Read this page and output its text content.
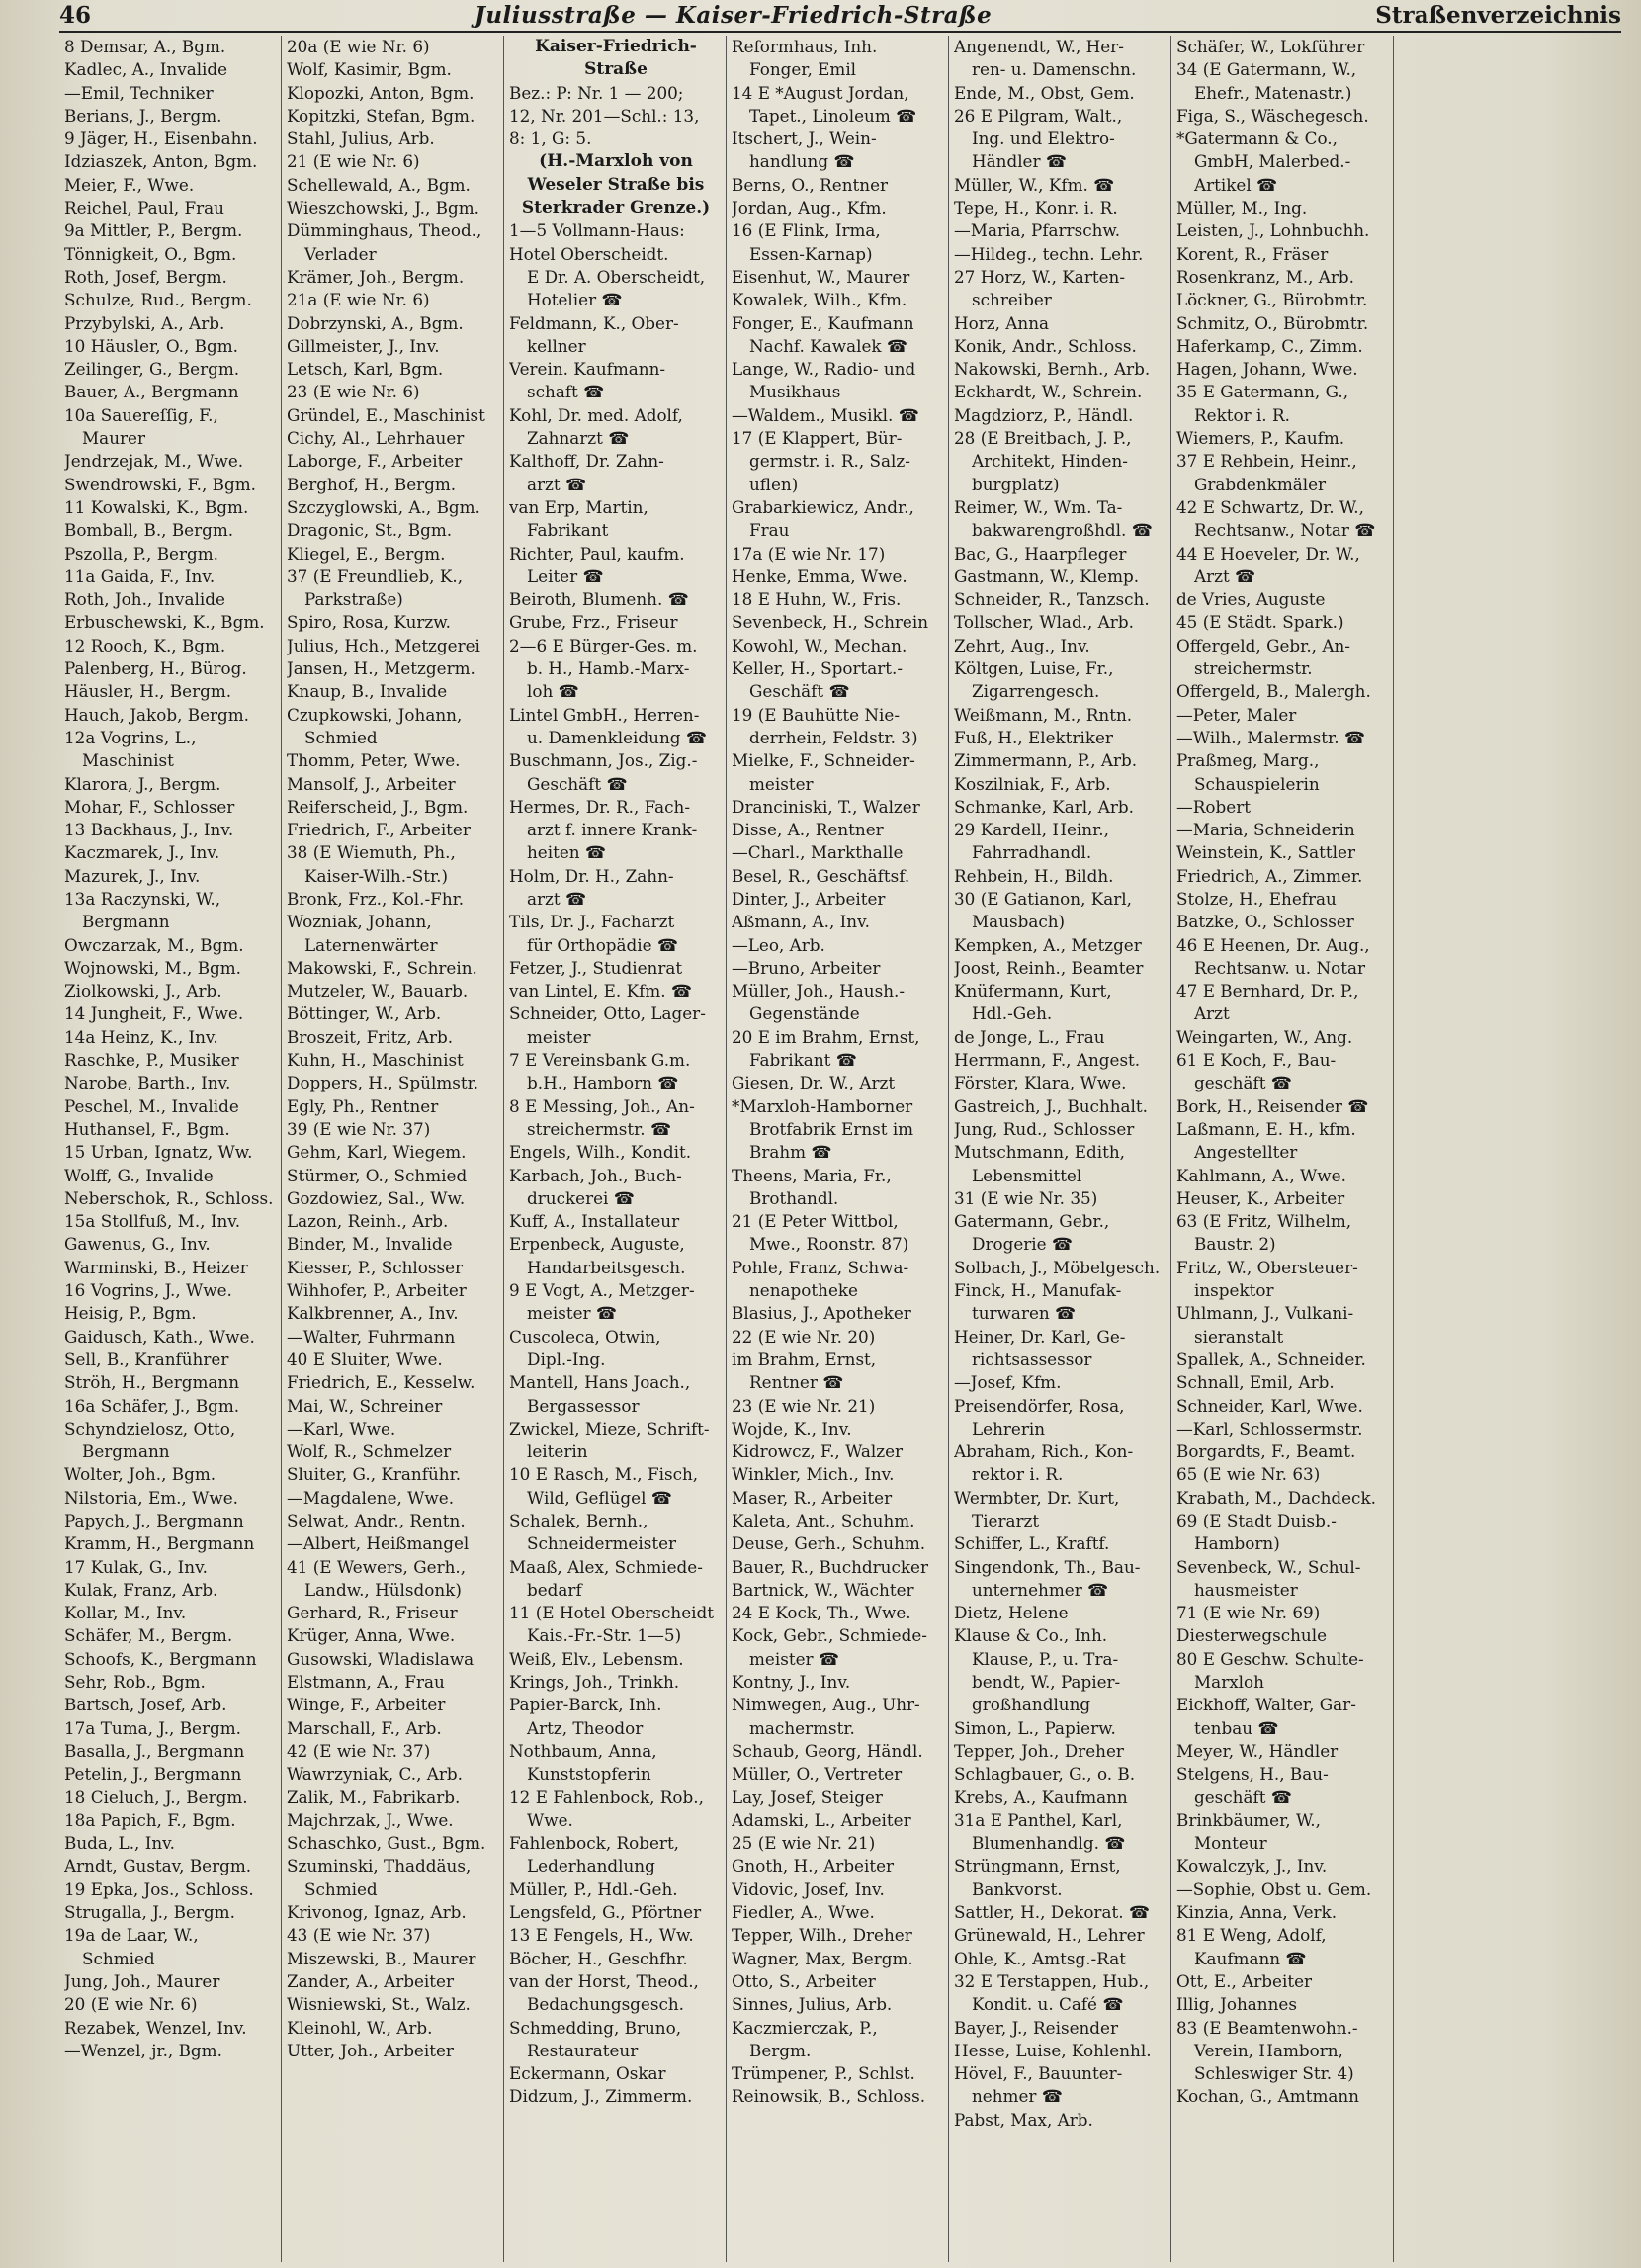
46	Juliusstraße — Kaiser-Friedrich-Straße	Straßenverzeichnis
8 Demsar, A., Bgm.
Kadlec, A., Invalide
—Emil, Techniker
Berians, J., Bergm.
9 Jäger, H., Eisenbahn.
Idziaszek, Anton, Bgm.
Meier, F., Wwe.
Reichel, Paul, Frau
9a Mittler, P., Bergm.
Tönnigkeit, O., Bgm.
Roth, Josef, Bergm.
Schulze, Rud., Bergm.
Przybylski, A., Arb.
10 Häusler, O., Bgm.
Zeilinger, G., Bergm.
Bauer, A., Bergmann
10a Sauereſſig, F.,
Maurer
Jendrzejak, M., Wwe.
Swendrowski, F., Bgm.
11 Kowalski, K., Bgm.
Bomball, B., Bergm.
Pszolla, P., Bergm.
11a Gaida, F., Inv.
Roth, Joh., Invalide
Erbuschewski, K., Bgm.
12 Rooch, K., Bgm.
Palenberg, H., Bürog.
Häusler, H., Bergm.
Hauch, Jakob, Bergm.
12a Vogrins, L.,
Maschinist
Klarora, J., Bergm.
Mohar, F., Schlosser
13 Backhaus, J., Inv.
Kaczmarek, J., Inv.
Mazurek, J., Inv.
13a Raczynski, W.,
Bergmann
Owczarzak, M., Bgm.
Wojnowski, M., Bgm.
Ziolkowski, J., Arb.
14 Jungheit, F., Wwe.
14a Heinz, K., Inv.
Raschke, P., Musiker
Narobe, Barth., Inv.
Peschel, M., Invalide
Huthansel, F., Bgm.
15 Urban, Ignatz, Ww.
Wolff, G., Invalide
Neberschok, R., Schloss.
15a Stollfuß, M., Inv.
Gawenus, G., Inv.
Warminski, B., Heizer
16 Vogrins, J., Wwe.
Heisig, P., Bgm.
Gaidusch, Kath., Wwe.
Sell, B., Kranführer
Ströh, H., Bergmann
16a Schäfer, J., Bgm.
Schyndzielosz, Otto,
Bergmann
Wolter, Joh., Bgm.
Nilstoria, Em., Wwe.
Papych, J., Bergmann
Kramm, H., Bergmann
17 Kulak, G., Inv.
Kulak, Franz, Arb.
Kollar, M., Inv.
Schäfer, M., Bergm.
Schoofs, K., Bergmann
Sehr, Rob., Bgm.
Bartsch, Josef, Arb.
17a Tuma, J., Bergm.
Basalla, J., Bergmann
Petelin, J., Bergmann
18 Cieluch, J., Bergm.
18a Papich, F., Bgm.
Buda, L., Inv.
Arndt, Gustav, Bergm.
19 Epka, Jos., Schloss.
Strugalla, J., Bergm.
19a de Laar, W.,
Schmied
Jung, Joh., Maurer
20 (E wie Nr. 6)
Rezabek, Wenzel, Inv.
—Wenzel, jr., Bgm.
20a (E wie Nr. 6)
Wolf, Kasimir, Bgm.
Klopozki, Anton, Bgm.
Kopitzki, Stefan, Bgm.
Stahl, Julius, Arb.
21 (E wie Nr. 6)
Schellewald, A., Bgm.
Wieszchowski, J., Bgm.
Dümminghaus, Theod.,
Verlader
Krämer, Joh., Bergm.
21a (E wie Nr. 6)
Dobrzynski, A., Bgm.
Gillmeister, J., Inv.
Letsch, Karl, Bgm.
23 (E wie Nr. 6)
Gründel, E., Maschinist
Cichy, Al., Lehrhauer
Laborge, F., Arbeiter
Berghof, H., Bergm.
Szczyglowski, A., Bgm.
Dragonic, St., Bgm.
Kliegel, E., Bergm.
37 (E Freundlieb, K.,
Parkstraße)
Spiro, Rosa, Kurzw.
Julius, Hch., Metzgerei
Jansen, H., Metzgerm.
Knaup, B., Invalide
Czupkowski, Johann,
Schmied
Thomm, Peter, Wwe.
Mansolf, J., Arbeiter
Reiferscheid, J., Bgm.
Friedrich, F., Arbeiter
38 (E Wiemuth, Ph.,
Kaiser-Wilh.-Str.)
Bronk, Frz., Kol.-Fhr.
Wozniak, Johann,
Laternenwärter
Makowski, F., Schrein.
Mutzeler, W., Bauarb.
Böttinger, W., Arb.
Broszeit, Fritz, Arb.
Kuhn, H., Maschinist
Doppers, H., Spülmstr.
Egly, Ph., Rentner
39 (E wie Nr. 37)
Gehm, Karl, Wiegem.
Stürmer, O., Schmied
Gozdowiez, Sal., Ww.
Lazon, Reinh., Arb.
Binder, M., Invalide
Kiesser, P., Schlosser
Wihhofer, P., Arbeiter
Kalkbrenner, A., Inv.
—Walter, Fuhrmann
40 E Sluiter, Wwe.
Friedrich, E., Kesselw.
Mai, W., Schreiner
—Karl, Wwe.
Wolf, R., Schmelzer
Sluiter, G., Kranführ.
—Magdalene, Wwe.
Selwat, Andr., Rentn.
—Albert, Heißmangel
41 (E Wewers, Gerh.,
Landw., Hülsdonk)
Gerhard, R., Friseur
Krüger, Anna, Wwe.
Gusowski, Wladislawa
Elstmann, A., Frau
Winge, F., Arbeiter
Marschall, F., Arb.
42 (E wie Nr. 37)
Wawrzyniak, C., Arb.
Zalik, M., Fabrikarb.
Majchrzak, J., Wwe.
Schaschko, Gust., Bgm.
Szuminski, Thaddäus,
Schmied
Krivonog, Ignaz, Arb.
43 (E wie Nr. 37)
Miszewski, B., Maurer
Zander, A., Arbeiter
Wisniewski, St., Walz.
Kleinohl, W., Arb.
Utter, Joh., Arbeiter
Kaiser-Friedrich-
Straße
Bez.: P: Nr. 1 — 200;
12, Nr. 201—Schl.: 13,
8: 1, G: 5.
(H.-Marxloh von
Weseler Straße bis
Sterkrader Grenze.)
1—5 Vollmann-Haus:
Hotel Oberscheidt.
E Dr. A. Oberscheidt,
Hotelier ☎
Feldmann, K., Ober-
kellner
Verein. Kaufmann-
schaft ☎
Kohl, Dr. med. Adolf,
Zahnarzt ☎
Kalthoff, Dr. Zahn-
arzt ☎
van Erp, Martin,
Fabrikant
Richter, Paul, kaufm.
Leiter ☎
Beiroth, Blumenh. ☎
Grube, Frz., Friseur
2—6 E Bürger-Ges. m.
b. H., Hamb.-Marx-
loh ☎
Lintel GmbH., Herren-
u. Damenkleidung ☎
Buschmann, Jos., Zig.-
Geschäft ☎
Hermes, Dr. R., Fach-
arzt f. innere Krank-
heiten ☎
Holm, Dr. H., Zahn-
arzt ☎
Tils, Dr. J., Facharzt
für Orthopädie ☎
Fetzer, J., Studienrat
van Lintel, E. Kfm. ☎
Schneider, Otto, Lager-
meister
7 E Vereinsbank G.m.
b.H., Hamborn ☎
8 E Messing, Joh., An-
streichermstr. ☎
Engels, Wilh., Kondit.
Karbach, Joh., Buch-
druckerei ☎
Kuff, A., Installateur
Erpenbeck, Auguste,
Handarbeitsgesch.
9 E Vogt, A., Metzger-
meister ☎
Cuscoleca, Otwin,
Dipl.-Ing.
Mantell, Hans Joach.,
Bergassessor
Zwickel, Mieze, Schrift-
leiterin
10 E Rasch, M., Fisch,
Wild, Geflügel ☎
Schalek, Bernh.,
Schneidermeister
Maaß, Alex, Schmiede-
bedarf
11 (E Hotel Oberscheidt
Kais.-Fr.-Str. 1—5)
Weiß, Elv., Lebensm.
Krings, Joh., Trinkh.
Papier-Barck, Inh.
Artz, Theodor
Nothbaum, Anna,
Kunststopferin
12 E Fahlenbock, Rob.,
Wwe.
Fahlenbock, Robert,
Lederhandlung
Müller, P., Hdl.-Geh.
Lengsfeld, G., Pförtner
13 E Fengels, H., Ww.
Böcher, H., Geschfhr.
van der Horst, Theod.,
Bedachungsgesch.
Schmedding, Bruno,
Restaurateur
Eckermann, Oskar
Didzum, J., Zimmerm.
Reformhaus, Inh.
Fonger, Emil
14 E *August Jordan,
Tapet., Linoleum ☎
Itschert, J., Wein-
handlung ☎
Berns, O., Rentner
Jordan, Aug., Kfm.
16 (E Flink, Irma,
Essen-Karnap)
Eisenhut, W., Maurer
Kowalek, Wilh., Kfm.
Fonger, E., Kaufmann
Nachf. Kawalek ☎
Lange, W., Radio- und
Musikhaus
—Waldem., Musikl. ☎
17 (E Klappert, Bür-
germstr. i. R., Salz-
uflen)
Grabarkiewicz, Andr.,
Frau
17a (E wie Nr. 17)
Henke, Emma, Wwe.
18 E Huhn, W., Fris.
Sevenbeck, H., Schrein
Kowohl, W., Mechan.
Keller, H., Sportart.-
Geschäft ☎
19 (E Bauhütte Nie-
derrhein, Feldstr. 3)
Mielke, F., Schneider-
meister
Dranciniski, T., Walzer
Disse, A., Rentner
—Charl., Markthalle
Besel, R., Geschäftsf.
Dinter, J., Arbeiter
Aßmann, A., Inv.
—Leo, Arb.
—Bruno, Arbeiter
Müller, Joh., Haush.-
Gegenstände
20 E im Brahm, Ernst,
Fabrikant ☎
Giesen, Dr. W., Arzt
*Marxloh-Hamborner
Brotfabrik Ernst im
Brahm ☎
Theens, Maria, Fr.,
Brothandl.
21 (E Peter Wittbol,
Mwe., Roonstr. 87)
Pohle, Franz, Schwa-
nenapotheke
Blasius, J., Apotheker
22 (E wie Nr. 20)
im Brahm, Ernst,
Rentner ☎
23 (E wie Nr. 21)
Wojde, K., Inv.
Kidrowcz, F., Walzer
Winkler, Mich., Inv.
Maser, R., Arbeiter
Kaleta, Ant., Schuhm.
Deuse, Gerh., Schuhm.
Bauer, R., Buchdrucker
Bartnick, W., Wächter
24 E Kock, Th., Wwe.
Kock, Gebr., Schmiede-
meister ☎
Kontny, J., Inv.
Nimwegen, Aug., Uhr-
machermstr.
Schaub, Georg, Händl.
Müller, O., Vertreter
Lay, Josef, Steiger
Adamski, L., Arbeiter
25 (E wie Nr. 21)
Gnoth, H., Arbeiter
Vidovic, Josef, Inv.
Fiedler, A., Wwe.
Tepper, Wilh., Dreher
Wagner, Max, Bergm.
Otto, S., Arbeiter
Sinnes, Julius, Arb.
Kaczmierczak, P.,
Bergm.
Trümpener, P., Schlst.
Reinowsik, B., Schloss.
Angenendt, W., Her-
ren- u. Damenschn.
Ende, M., Obst, Gem.
26 E Pilgram, Walt.,
Ing. und Elektro-
Händler ☎
Müller, W., Kfm. ☎
Tepe, H., Konr. i. R.
—Maria, Pfarrschw.
—Hildeg., techn. Lehr.
27 Horz, W., Karten-
schreiber
Horz, Anna
Konik, Andr., Schloss.
Nakowski, Bernh., Arb.
Eckhardt, W., Schrein.
Magdziorz, P., Händl.
28 (E Breitbach, J. P.,
Architekt, Hinden-
burgplatz)
Reimer, W., Wm. Ta-
bakwarengroßhdl. ☎
Bac, G., Haarpfleger
Gastmann, W., Klemp.
Schneider, R., Tanzsch.
Tollscher, Wlad., Arb.
Zehrt, Aug., Inv.
Költgen, Luise, Fr.,
Zigarrengesch.
Weißmann, M., Rntn.
Fuß, H., Elektriker
Zimmermann, P., Arb.
Koszilniak, F., Arb.
Schmanke, Karl, Arb.
29 Kardell, Heinr.,
Fahrradhandl.
Rehbein, H., Bildh.
30 (E Gatianon, Karl,
Mausbach)
Kempken, A., Metzger
Joost, Reinh., Beamter
Knüfermann, Kurt,
Hdl.-Geh.
de Jonge, L., Frau
Herrmann, F., Angest.
Förster, Klara, Wwe.
Gastreich, J., Buchhalt.
Jung, Rud., Schlosser
Mutschmann, Edith,
Lebensmittel
31 (E wie Nr. 35)
Gatermann, Gebr.,
Drogerie ☎
Solbach, J., Möbelgesch.
Finck, H., Manufak-
turwaren ☎
Heiner, Dr. Karl, Ge-
richtsassessor
—Josef, Kfm.
Preisendörfer, Rosa,
Lehrerin
Abraham, Rich., Kon-
rektor i. R.
Wermbter, Dr. Kurt,
Tierarzt
Schiffer, L., Kraftf.
Singendonk, Th., Bau-
unternehmer ☎
Dietz, Helene
Klause & Co., Inh.
Klause, P., u. Tra-
bendt, W., Papier-
großhandlung
Simon, L., Papierw.
Tepper, Joh., Dreher
Schlagbauer, G., o. B.
Krebs, A., Kaufmann
31a E Panthel, Karl,
Blumenhandlg. ☎
Strüngmann, Ernst,
Bankvorst.
Sattler, H., Dekorat. ☎
Grünewald, H., Lehrer
Ohle, K., Amtsg.-Rat
32 E Terstappen, Hub.,
Kondit. u. Café ☎
Bayer, J., Reisender
Hesse, Luise, Kohlenhl.
Hövel, F., Bauunter-
nehmer ☎
Pabst, Max, Arb.
Schäfer, W., Lokführer
34 (E Gatermann, W.,
Ehefr., Matenastr.)
Figa, S., Wäschegesch.
*Gatermann & Co.,
GmbH, Malerbed.-
Artikel ☎
Müller, M., Ing.
Leisten, J., Lohnbuchh.
Korent, R., Fräser
Rosenkranz, M., Arb.
Löckner, G., Bürobmtr.
Schmitz, O., Bürobmtr.
Haferkamp, C., Zimm.
Hagen, Johann, Wwe.
35 E Gatermann, G.,
Rektor i. R.
Wiemers, P., Kaufm.
37 E Rehbein, Heinr.,
Grabdenkmäler
42 E Schwartz, Dr. W.,
Rechtsanw., Notar ☎
44 E Hoeveler, Dr. W.,
Arzt ☎
de Vries, Auguste
45 (E Städt. Spark.)
Offergeld, Gebr., An-
streichermstr.
Offergeld, B., Malergh.
—Peter, Maler
—Wilh., Malermstr. ☎
Praßmeg, Marg.,
Schauspielerin
—Robert
—Maria, Schneiderin
Weinstein, K., Sattler
Friedrich, A., Zimmer.
Stolze, H., Ehefrau
Batzke, O., Schlosser
46 E Heenen, Dr. Aug.,
Rechtsanw. u. Notar
47 E Bernhard, Dr. P.,
Arzt
Weingarten, W., Ang.
61 E Koch, F., Bau-
geschäft ☎
Bork, H., Reisender ☎
Laßmann, E. H., kfm.
Angestellter
Kahlmann, A., Wwe.
Heuser, K., Arbeiter
63 (E Fritz, Wilhelm,
Baustr. 2)
Fritz, W., Obersteuer-
inspektor
Uhlmann, J., Vulkani-
sieranstalt
Spallek, A., Schneider.
Schnall, Emil, Arb.
Schneider, Karl, Wwe.
—Karl, Schlossermstr.
Borgardts, F., Beamt.
65 (E wie Nr. 63)
Krabath, M., Dachdeck.
69 (E Stadt Duisb.-
Hamborn)
Sevenbeck, W., Schul-
hausmeister
71 (E wie Nr. 69)
Diesterwegschule
80 E Geschw. Schulte-
Marxloh
Eickhoff, Walter, Gar-
tenbau ☎
Meyer, W., Händler
Stelgens, H., Bau-
geschäft ☎
Brinkbäumer, W.,
Monteur
Kowalczyk, J., Inv.
—Sophie, Obst u. Gem.
Kinzia, Anna, Verk.
81 E Weng, Adolf,
Kaufmann ☎
Ott, E., Arbeiter
Illig, Johannes
83 (E Beamtenwohn.-
Verein, Hamborn,
Schleswiger Str. 4)
Kochan, G., Amtmann
